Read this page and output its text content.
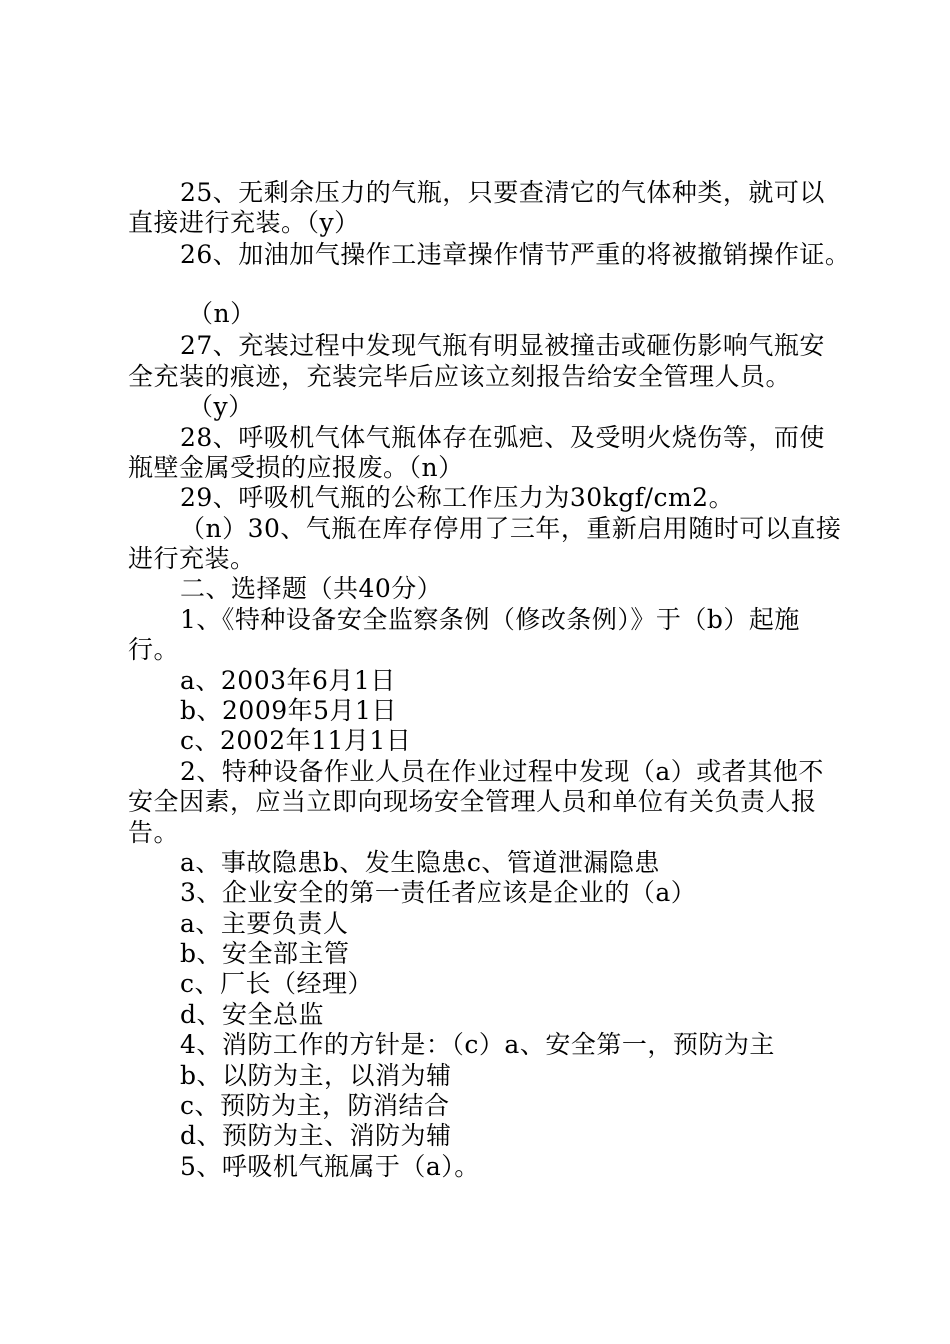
25、无剩余压力的气瓶，只要查清它的气体种类，就可以
直接进行充装。（y）
26、加油加气操作工违章操作情节严重的将被撤销操作证。
（n）
27、充装过程中发现气瓶有明显被撞击或砸伤影响气瓶安
全充装的痕迹，充装完毕后应该立刻报告给安全管理人员。
（y）
28、呼吸机气体气瓶体存在弧疤、及受明火烧伤等，而使
瓶壁金属受损的应报废。（n）
29、呼吸机气瓶的公称工作压力为30kgf/cm2。
（n）30、气瓶在库存停用了三年，重新启用随时可以直接
进行充装。
二、选择题（共40分）
1、《特种设备安全监察条例（修改条例）》于（b）起施
行。
a、2003年6月1日
b、2009年5月1日
c、2002年11月1日
2、特种设备作业人员在作业过程中发现（a）或者其他不
安全因素，应当立即向现场安全管理人员和单位有关负责人报
告。
a、事故隐患b、发生隐患c、管道泄漏隐患
3、企业安全的第一责任者应该是企业的（a）
a、主要负责人
b、安全部主管
c、厂长（经理）
d、安全总监
4、消防工作的方针是：（c）a、安全第一，预防为主
b、以防为主，以消为辅
c、预防为主，防消结合
d、预防为主、消防为辅
5、呼吸机气瓶属于（a）。
